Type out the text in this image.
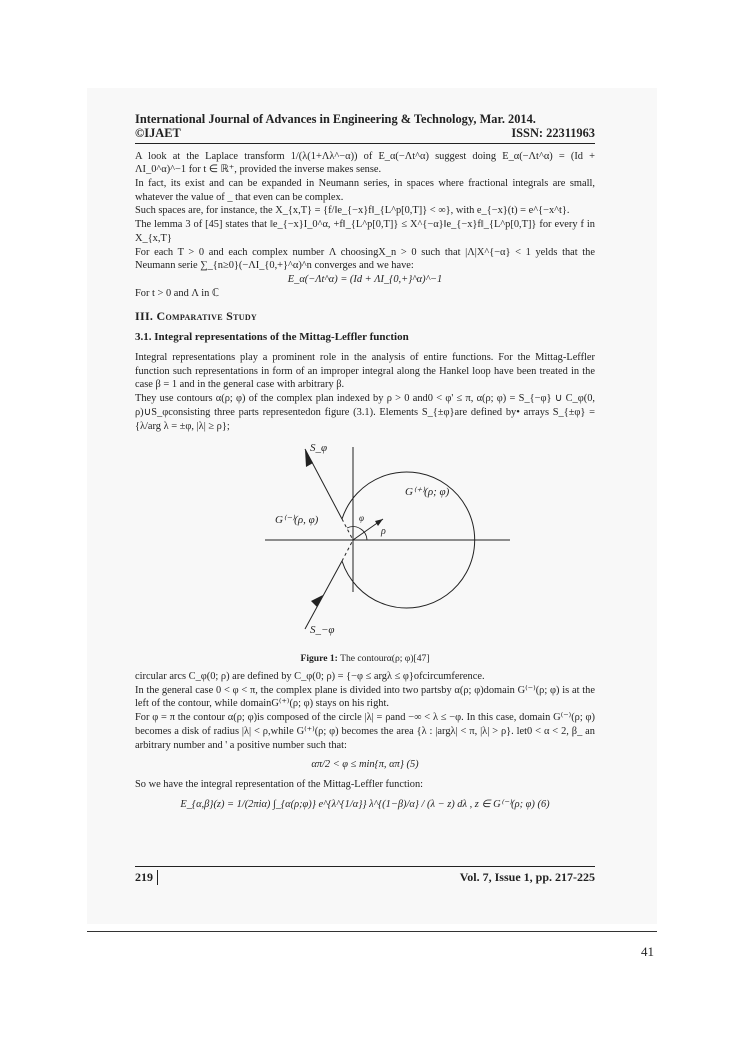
International Journal of Advances in Engineering & Technology, Mar. 2014.
©IJAET	ISSN: 22311963

A look at the Laplace transform 1/(λ(1+Λλ^−α)) of E_α(−Λt^α) suggest doing E_α(−Λt^α) = (Id + ΛI_0^α)^−1 for t ∈ ℝ⁺, provided the inverse makes sense.

In fact, its exist and can be expanded in Neumann series, in spaces where fractional integrals are small, whatever the value of _ that even can be complex.

Such spaces are, for instance, the X_{x,T} = {f/‖e_{−x}f‖_{L^p[0,T]} < ∞}, with e_{−x}(t) = e^{−x^t}.

The lemma 3 of [45] states that ‖e_{−x}I_0^α, +f‖_{L^p[0,T]} ≤ X^{−α}‖e_{−x}f‖_{L^p[0,T]} for every f in X_{x,T}

For each T > 0 and each complex number Λ choosingX_n > 0 such that |Λ|X^{−α} < 1 yelds that the Neumann serie ∑_{n≥0}(−ΛI_{0,+}^α)^n converges and we have:

E_α(−Λt^α) = (Id + ΛI_{0,+}^α)^−1

For t > 0 and Λ in ℂ

III. Comparative Study
3.1. Integral representations of the Mittag-Leffler function

Integral representations play a prominent role in the analysis of entire functions. For the Mittag-Leffler function such representations in form of an improper integral along the Hankel loop have been treated in the case β = 1 and in the general case with arbitrary β.

They use contours α(ρ; φ) of the complex plan indexed by ρ > 0 and0 < φ' ≤ π, α(ρ; φ) = S_{−φ} ∪ C_φ(0, ρ)∪S_φconsisting three parts representedon figure (3.1). Elements S_{±φ}are defined by• arrays S_{±φ} = {λ/arg λ = ±φ, |λ| ≥ ρ};

S_φ
S_−φ
G⁽⁺⁾(ρ; φ)
G⁽⁻⁾(ρ, φ)	φ
ρ
Figure 1: The contourα(ρ; φ)[47]

circular arcs C_φ(0; ρ) are defined by C_φ(0; ρ) = {−φ ≤ argλ ≤ φ}ofcircumference.

In the general case 0 < φ < π, the complex plane is divided into two partsby α(ρ; φ)domain G⁽⁻⁾(ρ; φ) is at the left of the contour, while domainG⁽⁺⁾(ρ; φ) stays on his right.

For φ = π the contour α(ρ; φ)is composed of the circle |λ| = ρand −∞ < λ ≤ −φ. In this case, domain G⁽⁻⁾(ρ; φ) becomes a disk of radius |λ| < ρ,while G⁽⁺⁾(ρ; φ) becomes the area {λ : |argλ| < π, |λ| > ρ}. let0 < α < 2, β_ an arbitrary number and ' a positive number such that:

απ/2 < φ ≤ min{π, απ} (5)

So we have the integral representation of the Mittag-Leffler function:

E_{α,β}(z) = 1/(2πiα) ∫_{α(ρ;φ)} e^{λ^{1/α}} λ^{(1−β)/α} / (λ − z) dλ , z ∈ G⁽⁻⁾(ρ; φ) (6)

219	Vol. 7, Issue 1, pp. 217-225
41
